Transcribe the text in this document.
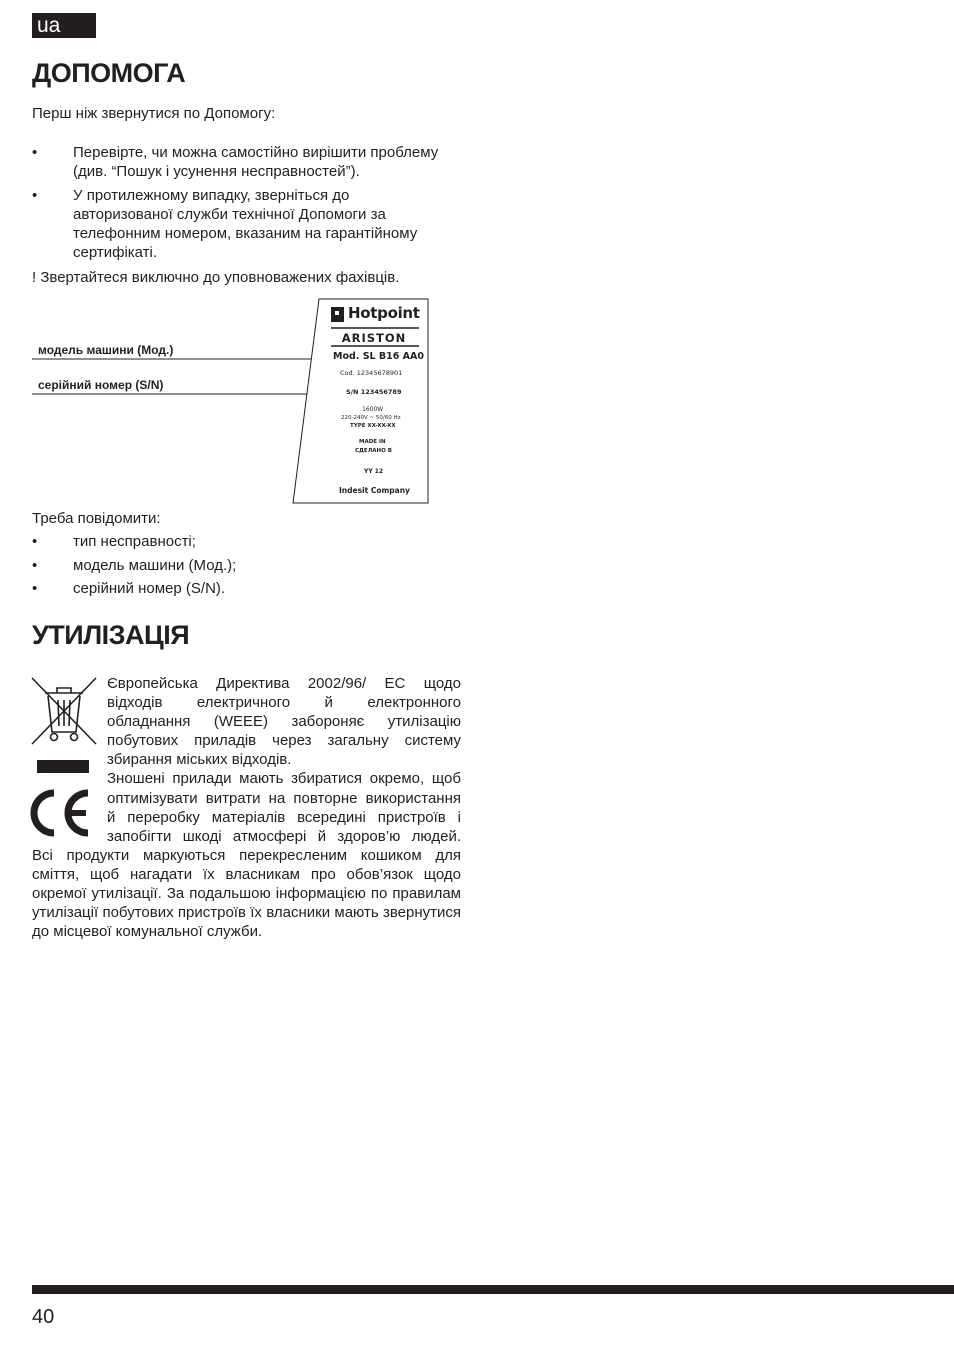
ua
ДОПОМОГА
Перш ніж звернутися по Допомогу:
• Перевірте, чи можна самостійно вирішити проблему
(див. “Пошук і усунення несправностей”).
• У протилежному випадку, зверніться до
авторизованої служби технічної Допомоги за
телефонним номером, вказаним на гарантійному
сертифікаті.
! Звертайтеся виключно до уповноважених фахівців.
модель машини (Мод.)
серійний номер (S/N)
Hotpoint
ARISTON
Mod. SL B16 AA0
Cod. 12345678901
S/N 123456789
1600W
220-240V ~ 50/60 Hz
TYPE XX-XX-XX
MADE IN
СДЕЛАНО В
YY 12
Indesit Company
Треба повідомити:
• тип несправності;
• модель машини (Мод.);
• серійний номер (S/N).
УТИЛІЗАЦІЯ
Європейська Директива 2002/96/ ЕС щодо
відходів електричного й електронного
обладнання (WEEE) забороняє утилізацію
побутових приладів через загальну систему
збирання міських відходів.
Зношені прилади мають збиратися окремо, щоб
оптимізувати витрати на повторне використання
й переробку матеріалів всередині пристроїв і
запобігти шкоді атмосфері й здоров’ю людей.
Всі продукти маркуються перекресленим кошиком для сміття, щоб нагадати їх власникам про обов’язок щодо окремої утилізації. За подальшою інформацією по правилам утилізації побутових пристроїв їх власники мають звернутися до місцевої комунальної служби.
40
